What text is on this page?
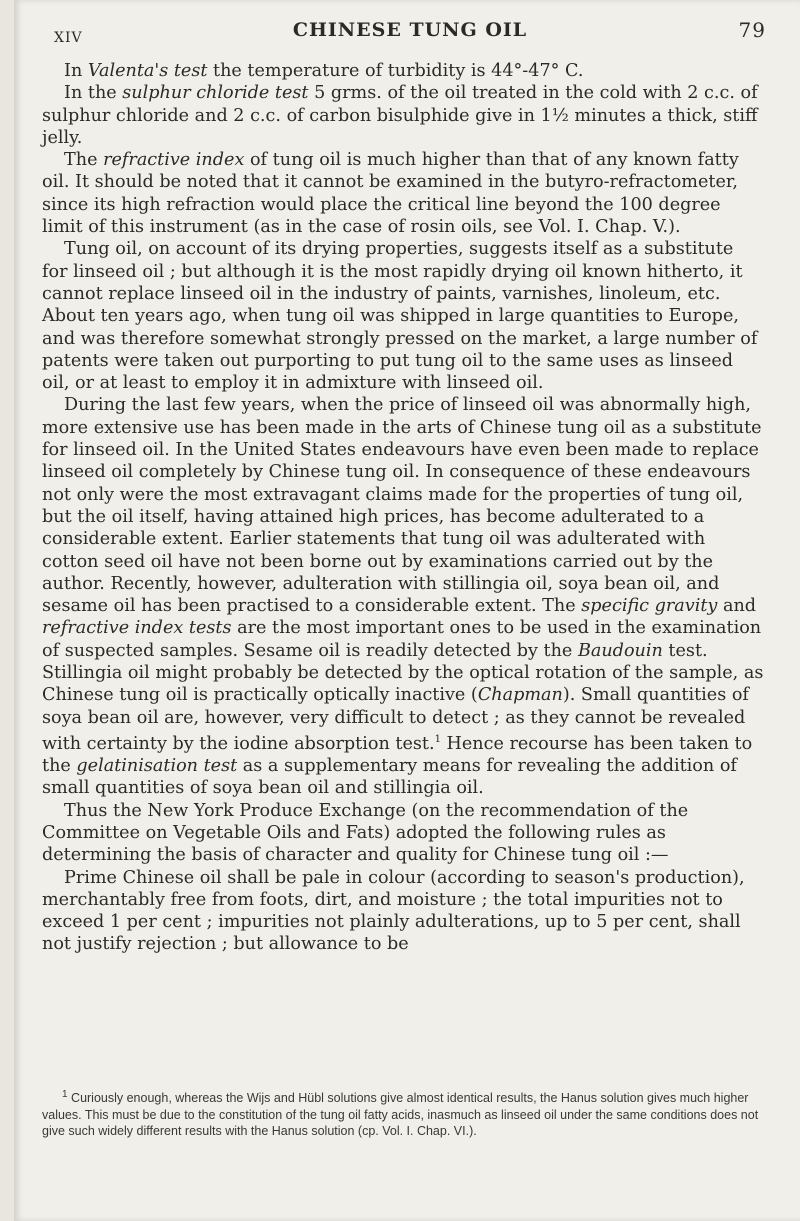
XIV	CHINESE TUNG OIL	79

In Valenta's test the temperature of turbidity is 44°-47° C.

In the sulphur chloride test 5 grms. of the oil treated in the cold with 2 c.c. of sulphur chloride and 2 c.c. of carbon bisulphide give in 1½ minutes a thick, stiff jelly.

The refractive index of tung oil is much higher than that of any known fatty oil. It should be noted that it cannot be examined in the butyro-refractometer, since its high refraction would place the critical line beyond the 100 degree limit of this instrument (as in the case of rosin oils, see Vol. I. Chap. V.).

Tung oil, on account of its drying properties, suggests itself as a substitute for linseed oil ; but although it is the most rapidly drying oil known hitherto, it cannot replace linseed oil in the industry of paints, varnishes, linoleum, etc. About ten years ago, when tung oil was shipped in large quantities to Europe, and was therefore somewhat strongly pressed on the market, a large number of patents were taken out purporting to put tung oil to the same uses as linseed oil, or at least to employ it in admixture with linseed oil.

During the last few years, when the price of linseed oil was abnormally high, more extensive use has been made in the arts of Chinese tung oil as a substitute for linseed oil. In the United States endeavours have even been made to replace linseed oil completely by Chinese tung oil. In consequence of these endeavours not only were the most extravagant claims made for the properties of tung oil, but the oil itself, having attained high prices, has become adulterated to a considerable extent. Earlier statements that tung oil was adulterated with cotton seed oil have not been borne out by examinations carried out by the author. Recently, however, adulteration with stillingia oil, soya bean oil, and sesame oil has been practised to a considerable extent. The specific gravity and refractive index tests are the most important ones to be used in the examination of suspected samples. Sesame oil is readily detected by the Baudouin test. Stillingia oil might probably be detected by the optical rotation of the sample, as Chinese tung oil is practically optically inactive (Chapman). Small quantities of soya bean oil are, however, very difficult to detect ; as they cannot be revealed with certainty by the iodine absorption test.$^1$ Hence recourse has been taken to the gelatinisation test as a supplementary means for revealing the addition of small quantities of soya bean oil and stillingia oil.

Thus the New York Produce Exchange (on the recommendation of the Committee on Vegetable Oils and Fats) adopted the following rules as determining the basis of character and quality for Chinese tung oil :—

Prime Chinese oil shall be pale in colour (according to season's production), merchantably free from foots, dirt, and moisture ; the total impurities not to exceed 1 per cent ; impurities not plainly adulterations, up to 5 per cent, shall not justify rejection ; but allowance to be

$^1$ Curiously enough, whereas the Wijs and Hübl solutions give almost identical results, the Hanus solution gives much higher values. This must be due to the constitution of the tung oil fatty acids, inasmuch as linseed oil under the same conditions does not give such widely different results with the Hanus solution (cp. Vol. I. Chap. VI.).
